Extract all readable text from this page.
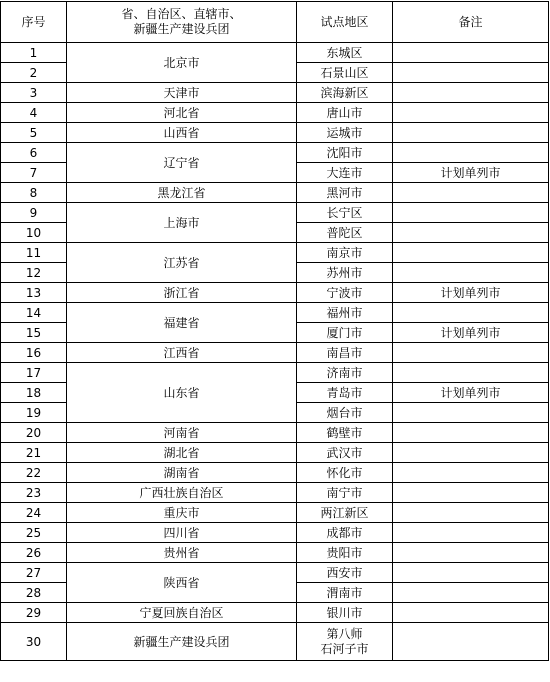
序号	省、自治区、直辖市、
新疆生产建设兵团	试点地区	备注
1	北京市	东城区	
2		石景山区	
3	天津市	滨海新区	
4	河北省	唐山市	
5	山西省	运城市	
6	辽宁省	沈阳市	
7		大连市	计划单列市
8	黑龙江省	黑河市	
9	上海市	长宁区	
10		普陀区	
11	江苏省	南京市	
12		苏州市	
13	浙江省	宁波市	计划单列市
14	福建省	福州市	
15		厦门市	计划单列市
16	江西省	南昌市	
17	山东省	济南市	
18		青岛市	计划单列市
19		烟台市	
20	河南省	鹤壁市	
21	湖北省	武汉市	
22	湖南省	怀化市	
23	广西壮族自治区	南宁市	
24	重庆市	两江新区	
25	四川省	成都市	
26	贵州省	贵阳市	
27	陕西省	西安市	
28		渭南市	
29	宁夏回族自治区	银川市	
30	新疆生产建设兵团	第八师
石河子市	
